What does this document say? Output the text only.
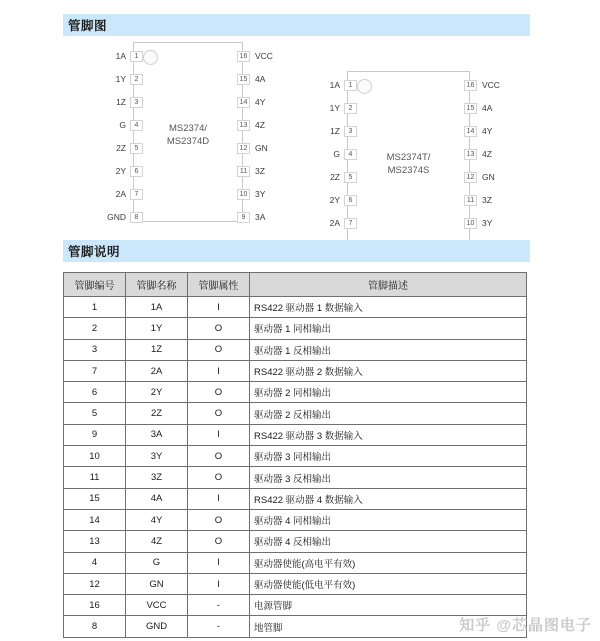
管脚图
MS2374/
MS2374D
1A	1
1Y	2
1Z	3
G	4
2Z	5
2Y	6
2A	7
GND	8
16 VCC
15 4A
14 4Y
13 4Z
12 GN
11 3Z
10 3Y
9	3A
MS2374T/
MS2374S
1A	1
1Y	2
1Z	3
G	4
2Z	5
2Y	6
2A	7
16 VCC
15 4A
14 4Y
13 4Z
12 GN
11 3Z
10 3Y
管脚说明
管脚编号	管脚名称	管脚属性	管脚描述
1	1A	I	RS422 驱动器 1 数据输入
2	1Y	O	驱动器 1 同相输出
3	1Z	O	驱动器 1 反相输出
7	2A	I	RS422 驱动器 2 数据输入
6	2Y	O	驱动器 2 同相输出
5	2Z	O	驱动器 2 反相输出
9	3A	I	RS422 驱动器 3 数据输入
10	3Y	O	驱动器 3 同相输出
11	3Z	O	驱动器 3 反相输出
15	4A	I	RS422 驱动器 4 数据输入
14	4Y	O	驱动器 4 同相输出
13	4Z	O	驱动器 4 反相输出
4	G	I	驱动器使能(高电平有效)
12	GN	I	驱动器使能(低电平有效)
16	VCC	-	电源管脚
8	GND	-	地管脚	知乎 @芯晶图电子
